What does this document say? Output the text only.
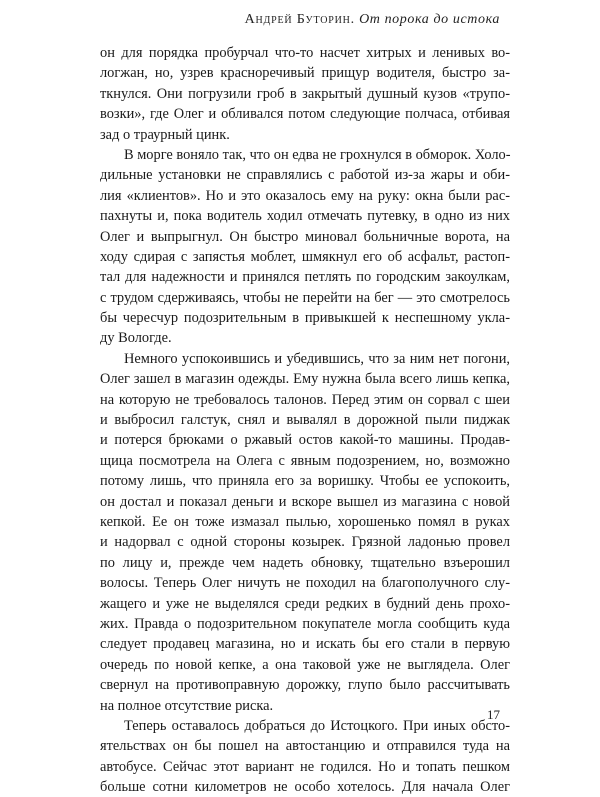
Андрей Буторин. От порока до истока
он для порядка пробурчал что-то насчет хитрых и ленивых во-
логжан, но, узрев красноречивый прищур водителя, быстро за-
ткнулся. Они погрузили гроб в закрытый душный кузов «трупо-
возки», где Олег и обливался потом следующие полчаса, отбивая
зад о траурный цинк.
В морге воняло так, что он едва не грохнулся в обморок. Холо-
дильные установки не справлялись с работой из-за жары и оби-
лия «клиентов». Но и это оказалось ему на руку: окна были рас-
пахнуты и, пока водитель ходил отмечать путевку, в одно из них
Олег и выпрыгнул. Он быстро миновал больничные ворота, на
ходу сдирая с запястья моблет, шмякнул его об асфальт, растоп-
тал для надежности и принялся петлять по городским закоулкам,
с трудом сдерживаясь, чтобы не перейти на бег — это смотрелось
бы чересчур подозрительным в привыкшей к неспешному укла-
ду Вологде.
Немного успокоившись и убедившись, что за ним нет погони,
Олег зашел в магазин одежды. Ему нужна была всего лишь кепка,
на которую не требовалось талонов. Перед этим он сорвал с шеи
и выбросил галстук, снял и вывалял в дорожной пыли пиджак
и потерся брюками о ржавый остов какой-то машины. Продав-
щица посмотрела на Олега с явным подозрением, но, возможно
потому лишь, что приняла его за воришку. Чтобы ее успокоить,
он достал и показал деньги и вскоре вышел из магазина с новой
кепкой. Ее он тоже измазал пылью, хорошенько помял в руках
и надорвал с одной стороны козырек. Грязной ладонью провел
по лицу и, прежде чем надеть обновку, тщательно взъерошил
волосы. Теперь Олег ничуть не походил на благополучного слу-
жащего и уже не выделялся среди редких в будний день прохо-
жих. Правда о подозрительном покупателе могла сообщить куда
следует продавец магазина, но и искать бы его стали в первую
очередь по новой кепке, а она таковой уже не выглядела. Олег
свернул на противоправную дорожку, глупо было рассчитывать
на полное отсутствие риска.
Теперь оставалось добраться до Истоцкого. При иных обсто-
ятельствах он бы пошел на автостанцию и отправился туда на
автобусе. Сейчас этот вариант не годился. Но и топать пешком
больше сотни километров не особо хотелось. Для начала Олег
17
